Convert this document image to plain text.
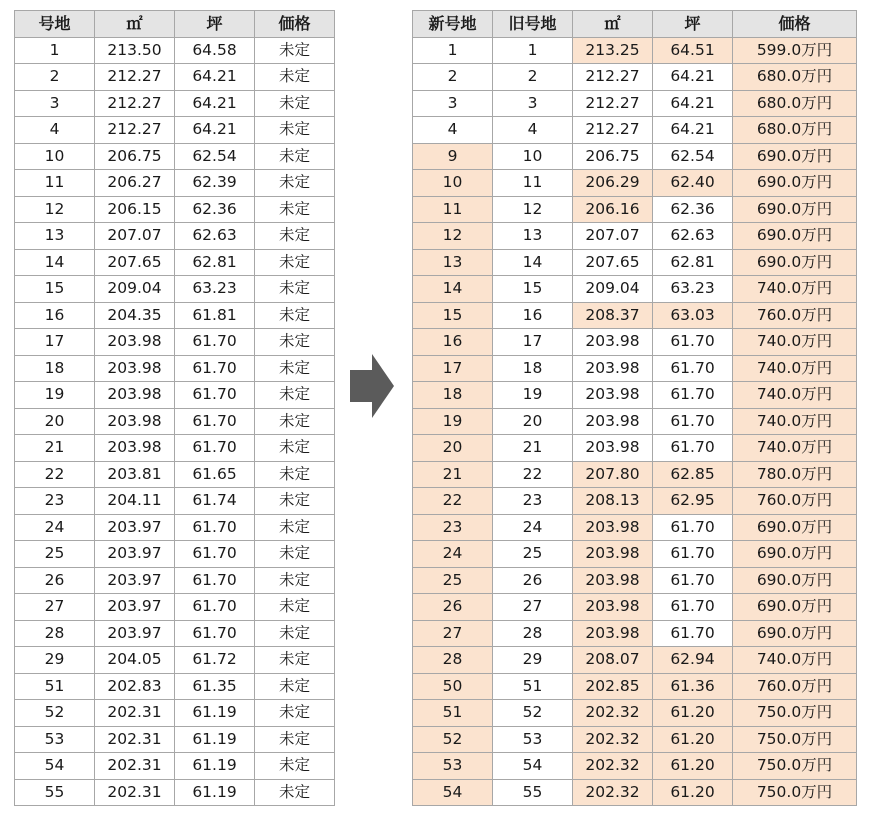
号地	㎡	坪	価格
1	213.50	64.58	未定
2	212.27	64.21	未定
3	212.27	64.21	未定
4	212.27	64.21	未定
10	206.75	62.54	未定
11	206.27	62.39	未定
12	206.15	62.36	未定
13	207.07	62.63	未定
14	207.65	62.81	未定
15	209.04	63.23	未定
16	204.35	61.81	未定
17	203.98	61.70	未定
18	203.98	61.70	未定
19	203.98	61.70	未定
20	203.98	61.70	未定
21	203.98	61.70	未定
22	203.81	61.65	未定
23	204.11	61.74	未定
24	203.97	61.70	未定
25	203.97	61.70	未定
26	203.97	61.70	未定
27	203.97	61.70	未定
28	203.97	61.70	未定
29	204.05	61.72	未定
51	202.83	61.35	未定
52	202.31	61.19	未定
53	202.31	61.19	未定
54	202.31	61.19	未定
55	202.31	61.19	未定
新号地	旧号地	㎡	坪	価格
1	1	213.25	64.51	599.0万円
2	2	212.27	64.21	680.0万円
3	3	212.27	64.21	680.0万円
4	4	212.27	64.21	680.0万円
9	10	206.75	62.54	690.0万円
10	11	206.29	62.40	690.0万円
11	12	206.16	62.36	690.0万円
12	13	207.07	62.63	690.0万円
13	14	207.65	62.81	690.0万円
14	15	209.04	63.23	740.0万円
15	16	208.37	63.03	760.0万円
16	17	203.98	61.70	740.0万円
17	18	203.98	61.70	740.0万円
18	19	203.98	61.70	740.0万円
19	20	203.98	61.70	740.0万円
20	21	203.98	61.70	740.0万円
21	22	207.80	62.85	780.0万円
22	23	208.13	62.95	760.0万円
23	24	203.98	61.70	690.0万円
24	25	203.98	61.70	690.0万円
25	26	203.98	61.70	690.0万円
26	27	203.98	61.70	690.0万円
27	28	203.98	61.70	690.0万円
28	29	208.07	62.94	740.0万円
50	51	202.85	61.36	760.0万円
51	52	202.32	61.20	750.0万円
52	53	202.32	61.20	750.0万円
53	54	202.32	61.20	750.0万円
54	55	202.32	61.20	750.0万円
